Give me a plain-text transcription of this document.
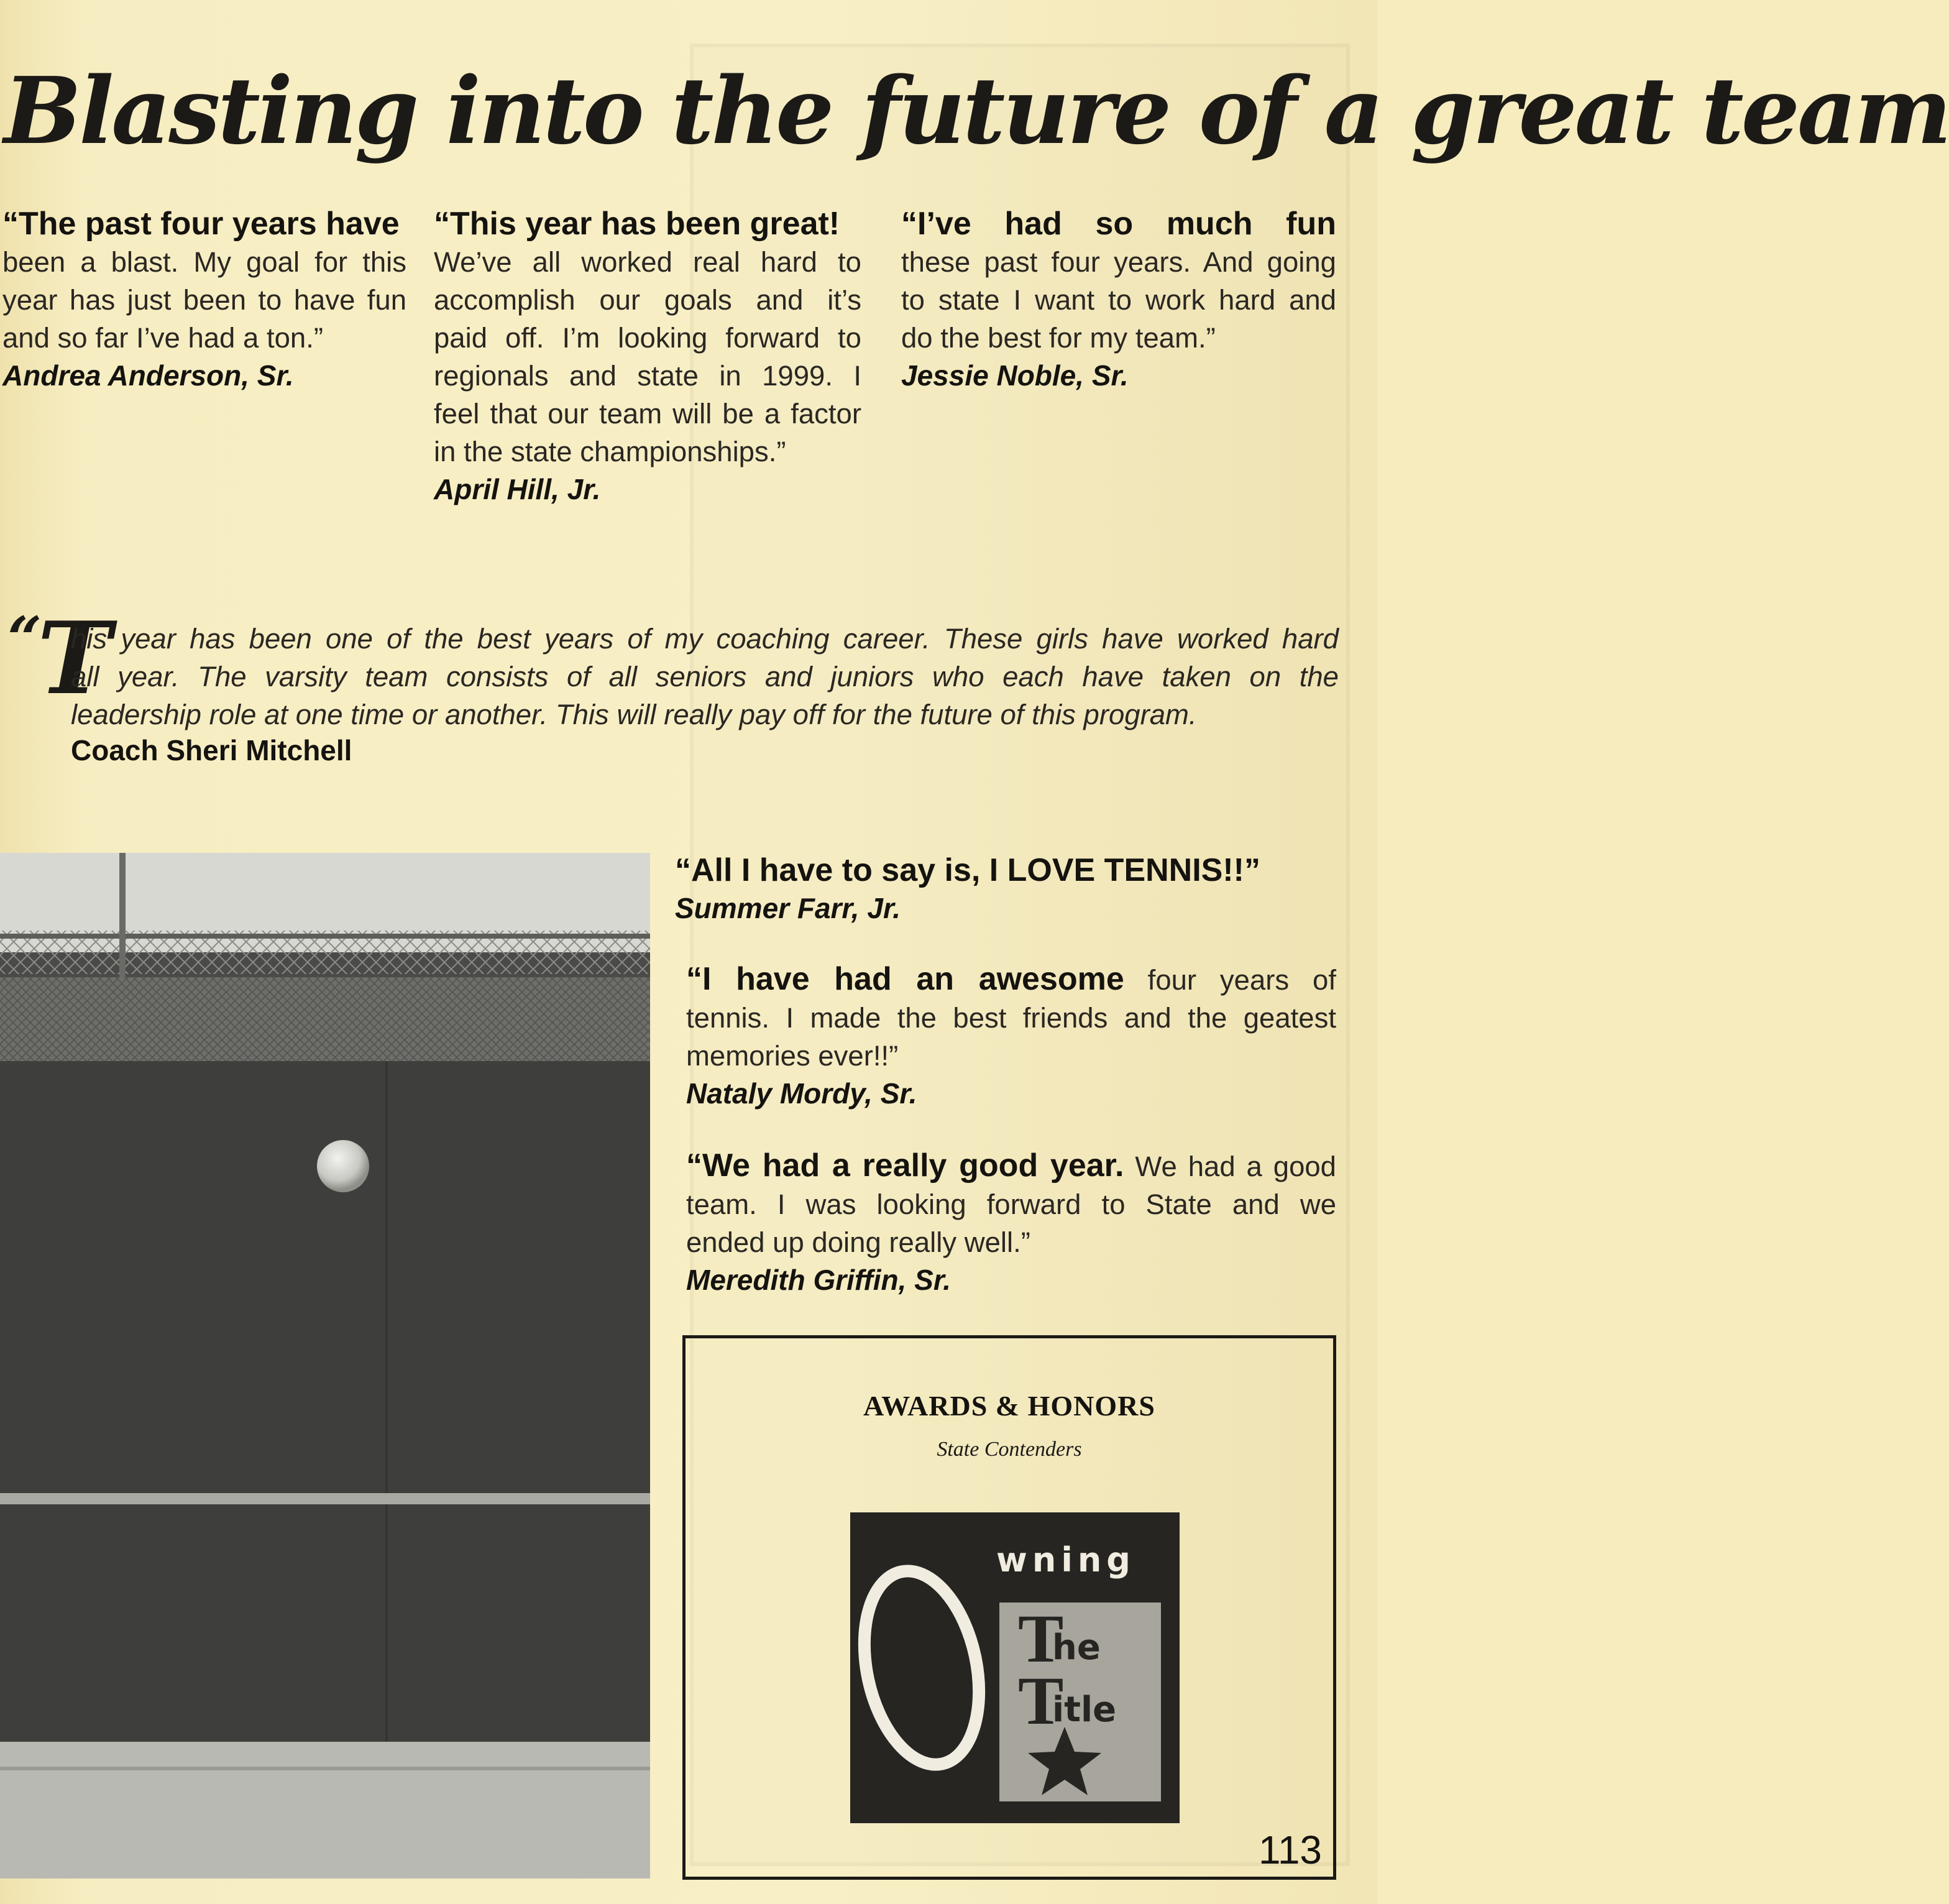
Blasting into the future of a great team

“The past four years have

been a blast. My goal for this

year has just been to have fun

and so far I’ve had a ton.”

Andrea Anderson, Sr.

“This year has been great!

We’ve all worked real hard to

accomplish our goals and it’s

paid off. I’m looking forward to

regionals and state in 1999. I

feel that our team will be a factor

in the state championships.”

April Hill, Jr.

“I’ve had so much fun

these past four years. And going

to state I want to work hard and

do the best for my team.”

Jessie Noble, Sr.

“
T

his year has been one of the best years of my coaching career. These girls have worked hard

all year. The varsity team consists of all seniors and juniors who each have taken on the

leadership role at one time or another. This will really pay off for the future of this program.

Coach Sheri Mitchell

“All I have to say is, I LOVE TENNIS!!”

Summer Farr, Jr.

“I have had an awesome four years of

tennis. I made the best friends and the geatest

memories ever!!”

Nataly Mordy, Sr.

“We had a really good year. We had a good

team. I was looking forward to State and we

ended up doing really well.”

Meredith Griffin, Sr.

AWARDS & HONORS
State Contenders
wning
T
he
T
itle
113
